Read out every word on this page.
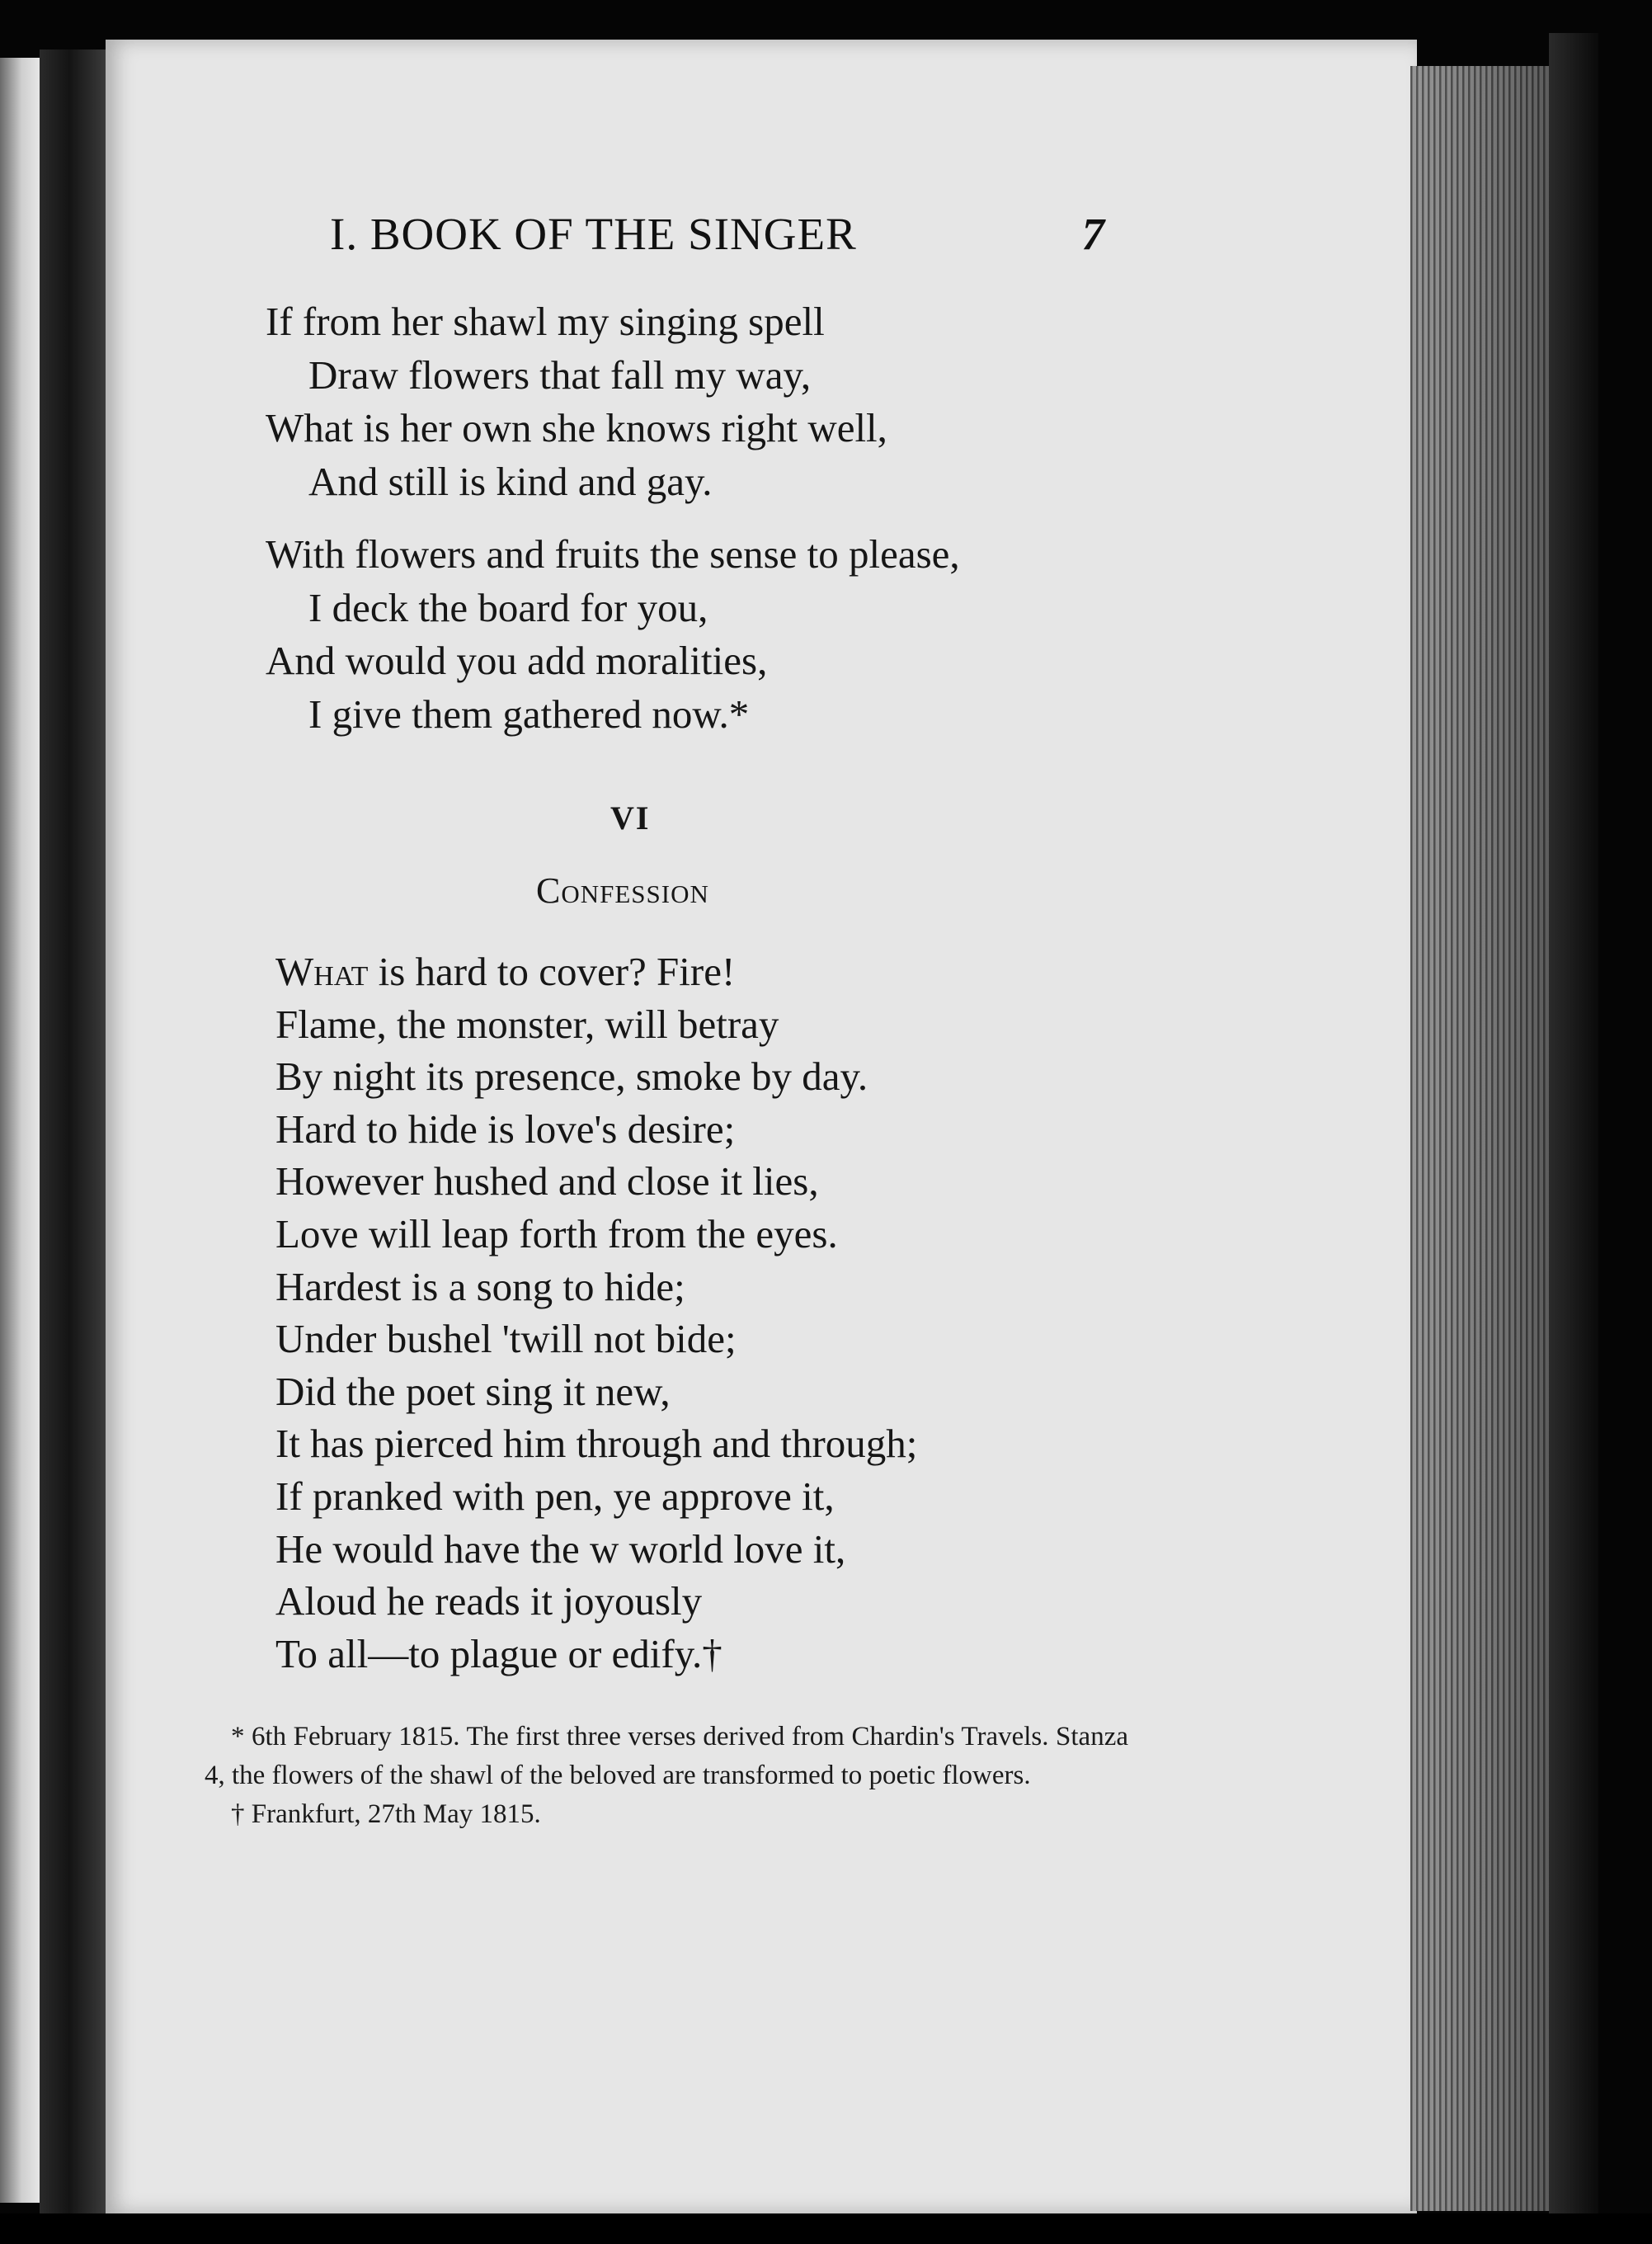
I. BOOK OF THE SINGER	7
If from her shawl my singing spell
Draw flowers that fall my way,
What is her own she knows right well,
And still is kind and gay.
With flowers and fruits the sense to please,
I deck the board for you,
And would you add moralities,
I give them gathered now.*
VI
Confession
What is hard to cover? Fire!
Flame, the monster, will betray
By night its presence, smoke by day.
Hard to hide is love's desire;
However hushed and close it lies,
Love will leap forth from the eyes.
Hardest is a song to hide;
Under bushel 'twill not bide;
Did the poet sing it new,
It has pierced him through and through;
If pranked with pen, ye approve it,
He would have the w world love it,
Aloud he reads it joyously
To all—to plague or edify.†

* 6th February 1815. The first three verses derived from Chardin's Travels. Stanza 4, the flowers of the shawl of the beloved are transformed to poetic flowers.

† Frankfurt, 27th May 1815.
